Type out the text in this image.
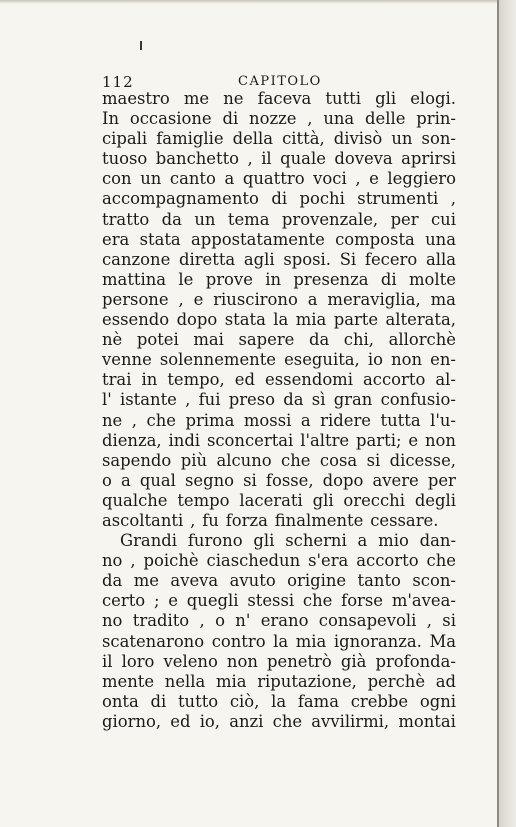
112	CAPITOLO
maestro me ne faceva tutti gli elogi.
In occasione di nozze , una delle prin-
cipali famiglie della città, divisò un son-
tuoso banchetto , il quale doveva aprirsi
con un canto a quattro voci , e leggiero
accompagnamento di pochi strumenti ,
tratto da un tema provenzale, per cui
era stata appostatamente composta una
canzone diretta agli sposi. Si fecero alla
mattina le prove in presenza di molte
persone , e riuscirono a meraviglia, ma
essendo dopo stata la mia parte alterata,
nè potei mai sapere da chi, allorchè
venne solennemente eseguita, io non en-
trai in tempo, ed essendomi accorto al-
l' istante , fui preso da sì gran confusio-
ne , che prima mossi a ridere tutta l'u-
dienza, indi sconcertai l'altre parti; e non
sapendo più alcuno che cosa si dicesse,
o a qual segno si fosse, dopo avere per
qualche tempo lacerati gli orecchi degli
ascoltanti , fu forza finalmente cessare.
Grandi furono gli scherni a mio dan-
no , poichè ciaschedun s'era accorto che
da me aveva avuto origine tanto scon-
certo ; e quegli stessi che forse m'avea-
no tradito , o n' erano consapevoli , si
scatenarono contro la mia ignoranza. Ma
il loro veleno non penetrò già profonda-
mente nella mia riputazione, perchè ad
onta di tutto ciò, la fama crebbe ogni
giorno, ed io, anzi che avvilirmi, montai
